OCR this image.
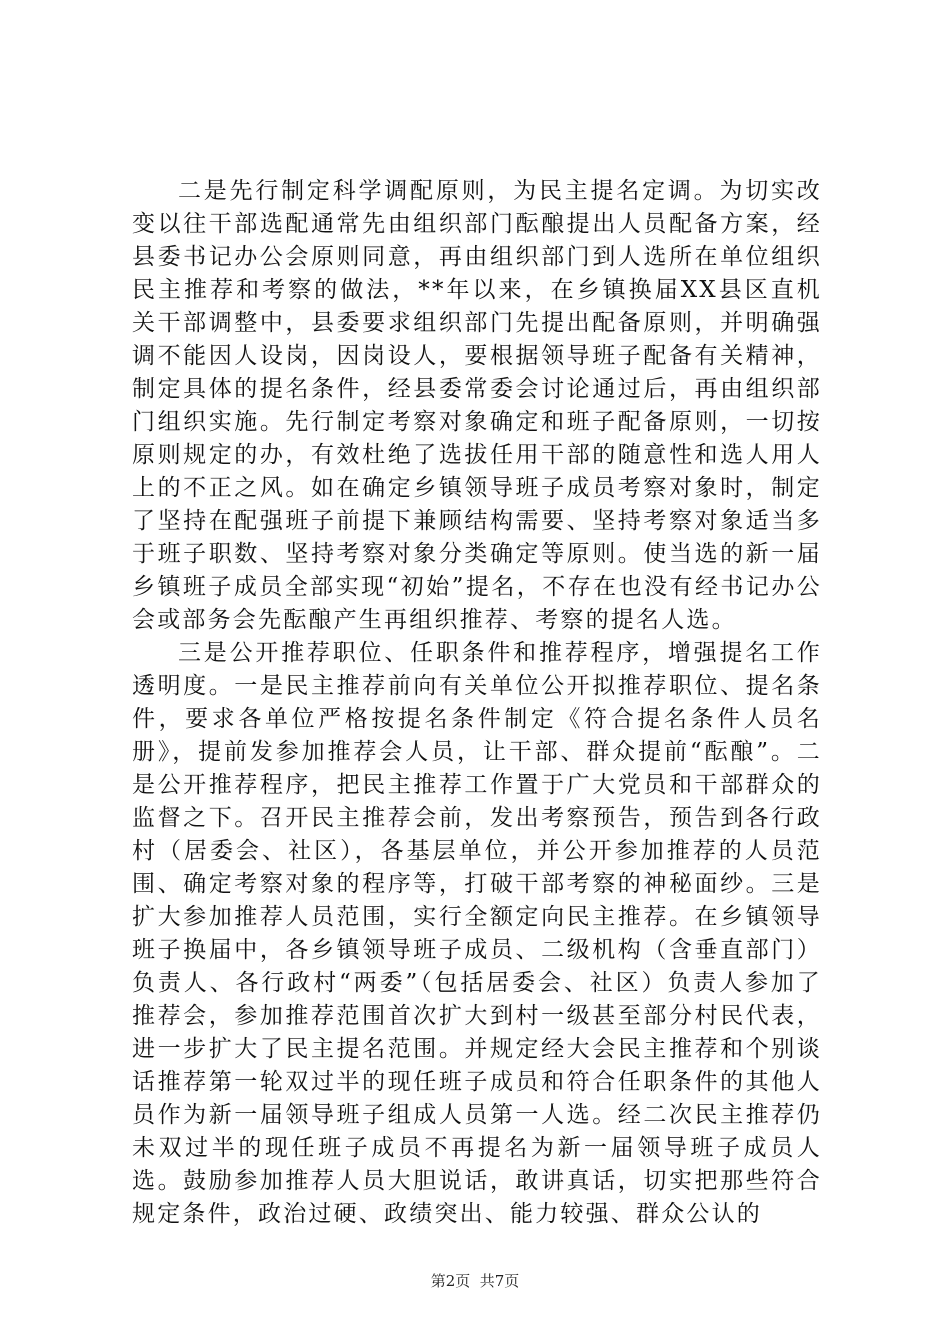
二是先行制定科学调配原则，为民主提名定调。为切实改变以往干部选配通常先由组织部门酝酿提出人员配备方案，经县委书记办公会原则同意，再由组织部门到人选所在单位组织民主推荐和考察的做法，**年以来，在乡镇换届XX县区直机关干部调整中，县委要求组织部门先提出配备原则，并明确强调不能因人设岗，因岗设人，要根据领导班子配备有关精神，制定具体的提名条件，经县委常委会讨论通过后，再由组织部门组织实施。先行制定考察对象确定和班子配备原则，一切按原则规定的办，有效杜绝了选拔任用干部的随意性和选人用人上的不正之风。如在确定乡镇领导班子成员考察对象时，制定了坚持在配强班子前提下兼顾结构需要、坚持考察对象适当多于班子职数、坚持考察对象分类确定等原则。使当选的新一届乡镇班子成员全部实现“初始”提名，不存在也没有经书记办公会或部务会先酝酿产生再组织推荐、考察的提名人选。

三是公开推荐职位、任职条件和推荐程序，增强提名工作透明度。一是民主推荐前向有关单位公开拟推荐职位、提名条件，要求各单位严格按提名条件制定《符合提名条件人员名册》，提前发参加推荐会人员，让干部、群众提前“酝酿”。二是公开推荐程序，把民主推荐工作置于广大党员和干部群众的监督之下。召开民主推荐会前，发出考察预告，预告到各行政村（居委会、社区），各基层单位，并公开参加推荐的人员范围、确定考察对象的程序等，打破干部考察的神秘面纱。三是扩大参加推荐人员范围，实行全额定向民主推荐。在乡镇领导班子换届中，各乡镇领导班子成员、二级机构（含垂直部门）负责人、各行政村“两委”（包括居委会、社区）负责人参加了推荐会，参加推荐范围首次扩大到村一级甚至部分村民代表，进一步扩大了民主提名范围。并规定经大会民主推荐和个别谈话推荐第一轮双过半的现任班子成员和符合任职条件的其他人员作为新一届领导班子组成人员第一人选。经二次民主推荐仍未双过半的现任班子成员不再提名为新一届领导班子成员人选。鼓励参加推荐人员大胆说话，敢讲真话，切实把那些符合规定条件，政治过硬、政绩突出、能力较强、群众公认的

第2页  共7页
